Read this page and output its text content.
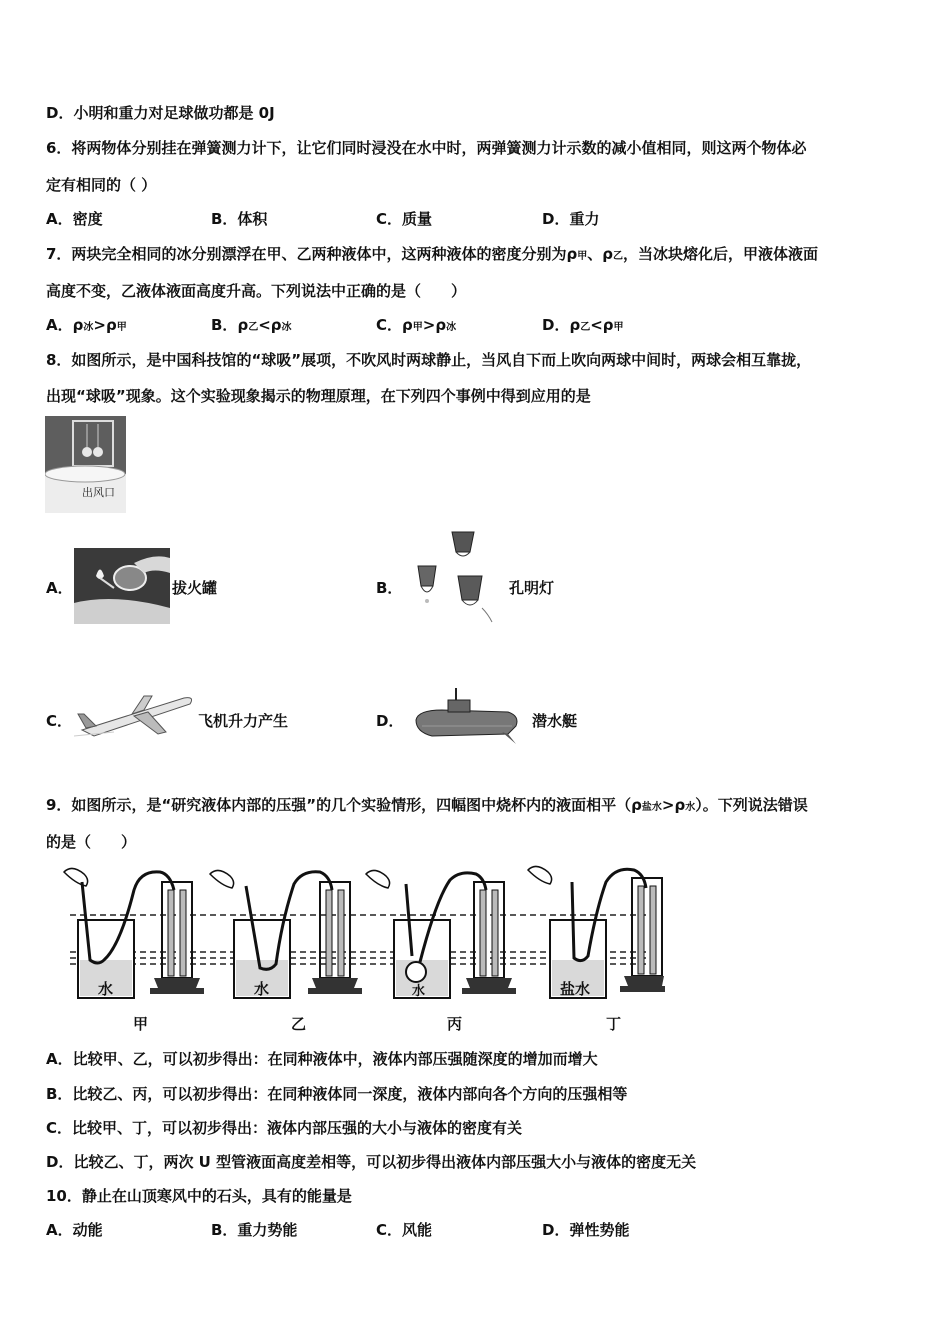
D．小明和重力对足球做功都是 0J
6．将两物体分别挂在弹簧测力计下，让它们同时浸没在水中时，两弹簧测力计示数的减小值相同，则这两个物体必
定有相同的（ ）
A．密度	B．体积	C．质量	D．重力
7．两块完全相同的冰分别漂浮在甲、乙两种液体中，这两种液体的密度分别为ρ甲、ρ乙，当冰块熔化后，甲液体液面
高度不变，乙液体液面高度升高。下列说法中正确的是（　　）
A．ρ冰>ρ甲	B．ρ乙<ρ冰	C．ρ甲>ρ冰	D．ρ乙<ρ甲
8．如图所示，是中国科技馆的“球吸”展项，不吹风时两球静止，当风自下而上吹向两球中间时，两球会相互靠拢，
出现“球吸”现象。这个实验现象揭示的物理原理，在下列四个事例中得到应用的是
出风口
A．	拔火罐	B．	孔明灯
C．	飞机升力产生	D．	潜水艇
9．如图所示，是“研究液体内部的压强”的几个实验情形，四幅图中烧杯内的液面相平（ρ盐水>ρ水）。下列说法错误
的是（　　）
水	水	水	盐水
甲	乙	丙	丁
A．比较甲、乙，可以初步得出：在同种液体中，液体内部压强随深度的增加而增大
B．比较乙、丙，可以初步得出：在同种液体同一深度，液体内部向各个方向的压强相等
C．比较甲、丁，可以初步得出：液体内部压强的大小与液体的密度有关
D．比较乙、丁，两次 U 型管液面高度差相等，可以初步得出液体内部压强大小与液体的密度无关
10．静止在山顶寒风中的石头，具有的能量是
A．动能	B．重力势能	C．风能	D．弹性势能
